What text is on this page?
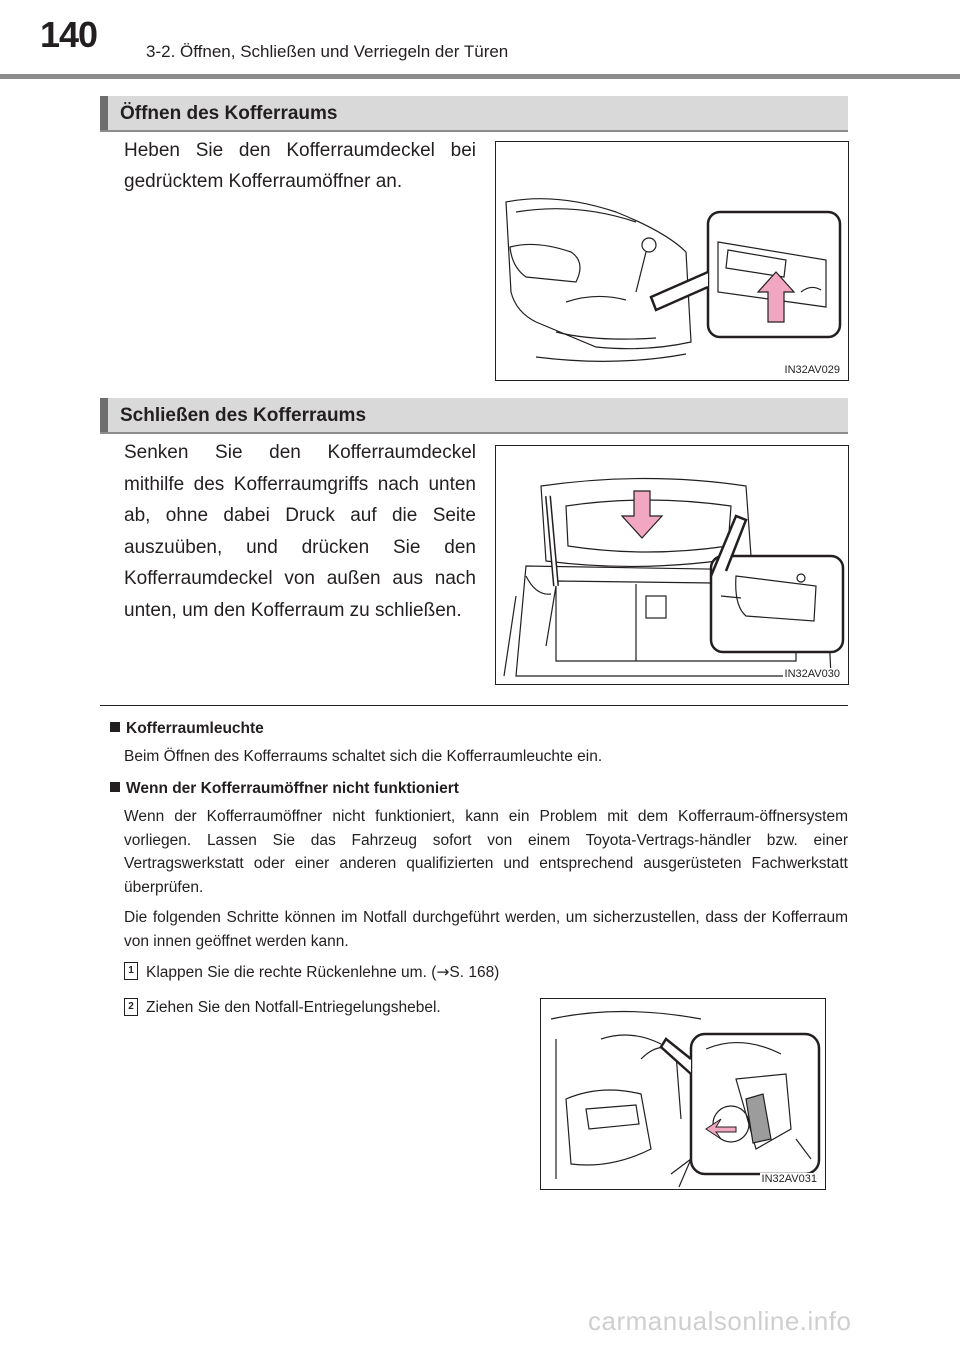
140	3-2. Öffnen, Schließen und Verriegeln der Türen
Öffnen des Kofferraums
Heben Sie den Kofferraumdeckel bei gedrücktem Kofferraumöffner an.
IN32AV029
Schließen des Kofferraums
Senken Sie den Kofferraumdeckel mithilfe des Kofferraumgriffs nach unten ab, ohne dabei Druck auf die Seite auszuüben, und drücken Sie den Kofferraumdeckel von außen aus nach unten, um den Kofferraum zu schließen.
IN32AV030
Kofferraumleuchte
Beim Öffnen des Kofferraums schaltet sich die Kofferraumleuchte ein.
Wenn der Kofferraumöffner nicht funktioniert
Wenn der Kofferraumöffner nicht funktioniert, kann ein Problem mit dem Kofferraum-öffnersystem vorliegen. Lassen Sie das Fahrzeug sofort von einem Toyota-Vertrags-händler bzw. einer Vertragswerkstatt oder einer anderen qualifizierten und entsprechend ausgerüsteten Fachwerkstatt überprüfen.
Die folgenden Schritte können im Notfall durchgeführt werden, um sicherzustellen, dass der Kofferraum von innen geöffnet werden kann.
1 Klappen Sie die rechte Rückenlehne um. (→S. 168)
2 Ziehen Sie den Notfall-Entriegelungshebel.
IN32AV031
carmanualsonline.info
